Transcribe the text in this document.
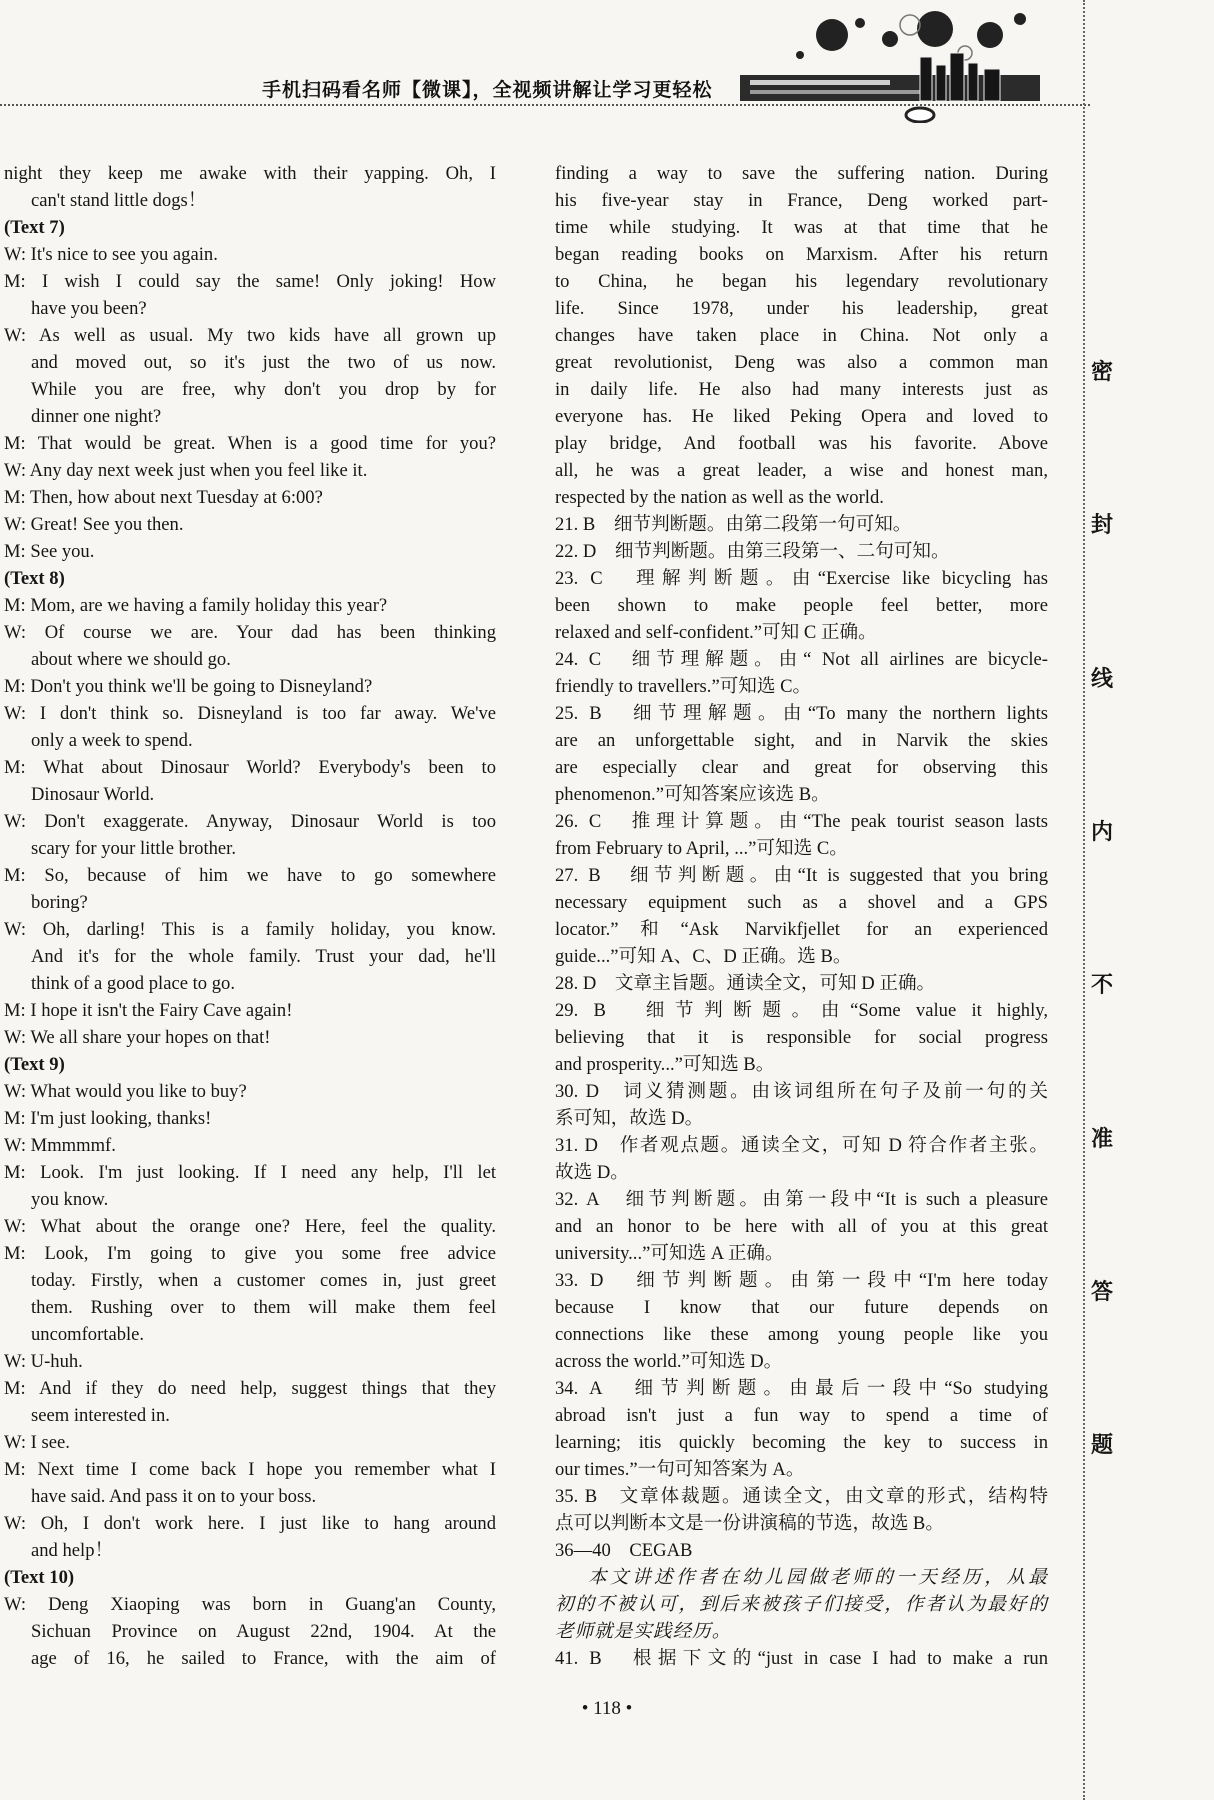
手机扫码看名师【微课】，全视频讲解让学习更轻松

night they keep me awake with their yapping. Oh, I

can't stand little dogs！

(Text 7)

W: It's nice to see you again.

M: I wish I could say the same! Only joking! How

have you been?

W: As well as usual. My two kids have all grown up

and moved out, so it's just the two of us now.

While you are free, why don't you drop by for

dinner one night?

M: That would be great. When is a good time for you?

W: Any day next week just when you feel like it.

M: Then, how about next Tuesday at 6:00?

W: Great! See you then.

M: See you.

(Text 8)

M: Mom, are we having a family holiday this year?

W: Of course we are. Your dad has been thinking

about where we should go.

M: Don't you think we'll be going to Disneyland?

W: I don't think so. Disneyland is too far away. We've

only a week to spend.

M: What about Dinosaur World? Everybody's been to

Dinosaur World.

W: Don't exaggerate. Anyway, Dinosaur World is too

scary for your little brother.

M: So, because of him we have to go somewhere

boring?

W: Oh, darling! This is a family holiday, you know.

And it's for the whole family. Trust your dad, he'll

think of a good place to go.

M: I hope it isn't the Fairy Cave again!

W: We all share your hopes on that!

(Text 9)

W: What would you like to buy?

M: I'm just looking, thanks!

W: Mmmmmf.

M: Look. I'm just looking. If I need any help, I'll let

you know.

W: What about the orange one? Here, feel the quality.

M: Look, I'm going to give you some free advice

today. Firstly, when a customer comes in, just greet

them. Rushing over to them will make them feel

uncomfortable.

W: U-huh.

M: And if they do need help, suggest things that they

seem interested in.

W: I see.

M: Next time I come back I hope you remember what I

have said. And pass it on to your boss.

W: Oh, I don't work here. I just like to hang around

and help！

(Text 10)

W: Deng Xiaoping was born in Guang'an County,

Sichuan Province on August 22nd, 1904. At the

age of 16, he sailed to France, with the aim of

finding a way to save the suffering nation. During

his five-year stay in France, Deng worked part-

time while studying. It was at that time that he

began reading books on Marxism. After his return

to China, he began his legendary revolutionary

life. Since 1978, under his leadership, great

changes have taken place in China. Not only a

great revolutionist, Deng was also a common man

in daily life. He also had many interests just as

everyone has. He liked Peking Opera and loved to

play bridge, And football was his favorite. Above

all, he was a great leader, a wise and honest man,

respected by the nation as well as the world.

21. B　细节判断题。由第二段第一句可知。

22. D　细节判断题。由第三段第一、二句可知。

23. C　理解判断题。由“Exercise like bicycling has

been shown to make people feel better, more

relaxed and self-confident.”可知 C 正确。

24. C　细节理解题。由“ Not all airlines are bicycle-

friendly to travellers.”可知选 C。

25. B　细节理解题。由“To many the northern lights

are an unforgettable sight, and in Narvik the skies

are especially clear and great for observing this

phenomenon.”可知答案应该选 B。

26. C　推理计算题。由“The peak tourist season lasts

from February to April, ...”可知选 C。

27. B　细节判断题。由“It is suggested that you bring

necessary equipment such as a shovel and a GPS

locator.”和“Ask Narvikfjellet for an experienced

guide...”可知 A、C、D 正确。选 B。

28. D　文章主旨题。通读全文，可知 D 正确。

29. B　细节判断题。由“Some value it highly,

believing that it is responsible for social progress

and prosperity...”可知选 B。

30. D　词义猜测题。由该词组所在句子及前一句的关

系可知，故选 D。

31. D　作者观点题。通读全文，可知 D 符合作者主张。

故选 D。

32. A　细节判断题。由第一段中“It is such a pleasure

and an honor to be here with all of you at this great

university...”可知选 A 正确。

33. D　细节判断题。由第一段中“I'm here today

because I know that our future depends on

connections like these among young people like you

across the world.”可知选 D。

34. A　细节判断题。由最后一段中“So studying

abroad isn't just a fun way to spend a time of

learning; itis quickly becoming the key to success in

our times.”一句可知答案为 A。

35. B　文章体裁题。通读全文，由文章的形式，结构特

点可以判断本文是一份讲演稿的节选，故选 B。

36—40　CEGAB

本文讲述作者在幼儿园做老师的一天经历，从最

初的不被认可，到后来被孩子们接受，作者认为最好的

老师就是实践经历。

41. B　根据下文的“just in case I had to make a run

• 118 •
密
封
线
内
不
准
答
题
